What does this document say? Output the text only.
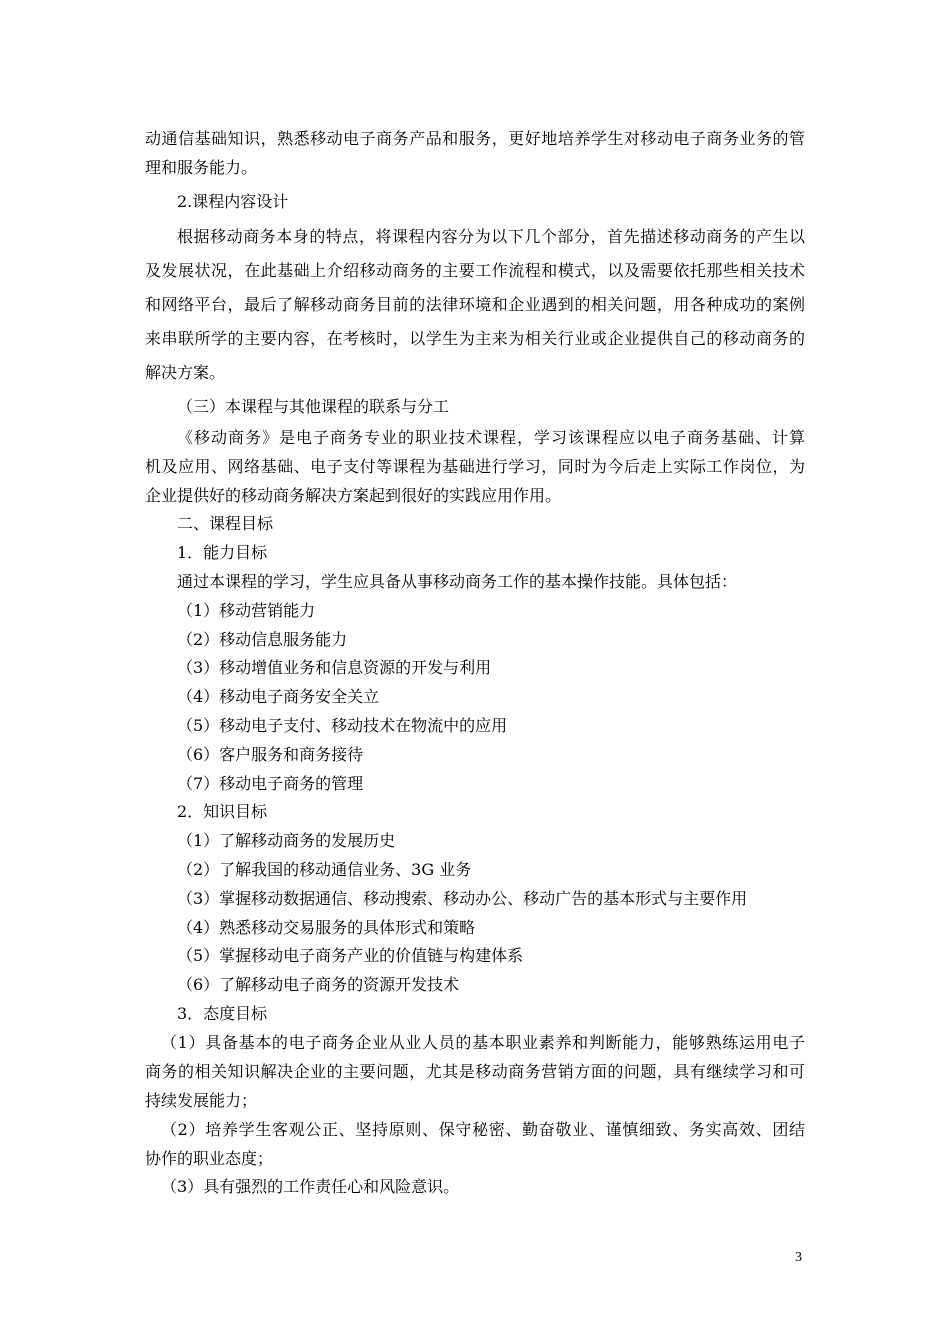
动通信基础知识，熟悉移动电子商务产品和服务，更好地培养学生对移动电子商务业务的管
理和服务能力。
2.课程内容设计
根据移动商务本身的特点，将课程内容分为以下几个部分，首先描述移动商务的产生以
及发展状况，在此基础上介绍移动商务的主要工作流程和模式，以及需要依托那些相关技术
和网络平台，最后了解移动商务目前的法律环境和企业遇到的相关问题，用各种成功的案例
来串联所学的主要内容，在考核时，以学生为主来为相关行业或企业提供自己的移动商务的
解决方案。
（三）本课程与其他课程的联系与分工
《移动商务》是电子商务专业的职业技术课程，学习该课程应以电子商务基础、计算
机及应用、网络基础、电子支付等课程为基础进行学习，同时为今后走上实际工作岗位，为
企业提供好的移动商务解决方案起到很好的实践应用作用。
二、课程目标
1．能力目标
通过本课程的学习，学生应具备从事移动商务工作的基本操作技能。具体包括：
（1）移动营销能力
（2）移动信息服务能力
（3）移动增值业务和信息资源的开发与利用
（4）移动电子商务安全关立
（5）移动电子支付、移动技术在物流中的应用
（6）客户服务和商务接待
（7）移动电子商务的管理
2．知识目标
（1）了解移动商务的发展历史
（2）了解我国的移动通信业务、3G 业务
（3）掌握移动数据通信、移动搜索、移动办公、移动广告的基本形式与主要作用
（4）熟悉移动交易服务的具体形式和策略
（5）掌握移动电子商务产业的价值链与构建体系
（6）了解移动电子商务的资源开发技术
3．态度目标
（1）具备基本的电子商务企业从业人员的基本职业素养和判断能力，能够熟练运用电子
商务的相关知识解决企业的主要问题，尤其是移动商务营销方面的问题，具有继续学习和可
持续发展能力；
（2）培养学生客观公正、坚持原则、保守秘密、勤奋敬业、谨慎细致、务实高效、团结
协作的职业态度；
（3）具有强烈的工作责任心和风险意识。
3
